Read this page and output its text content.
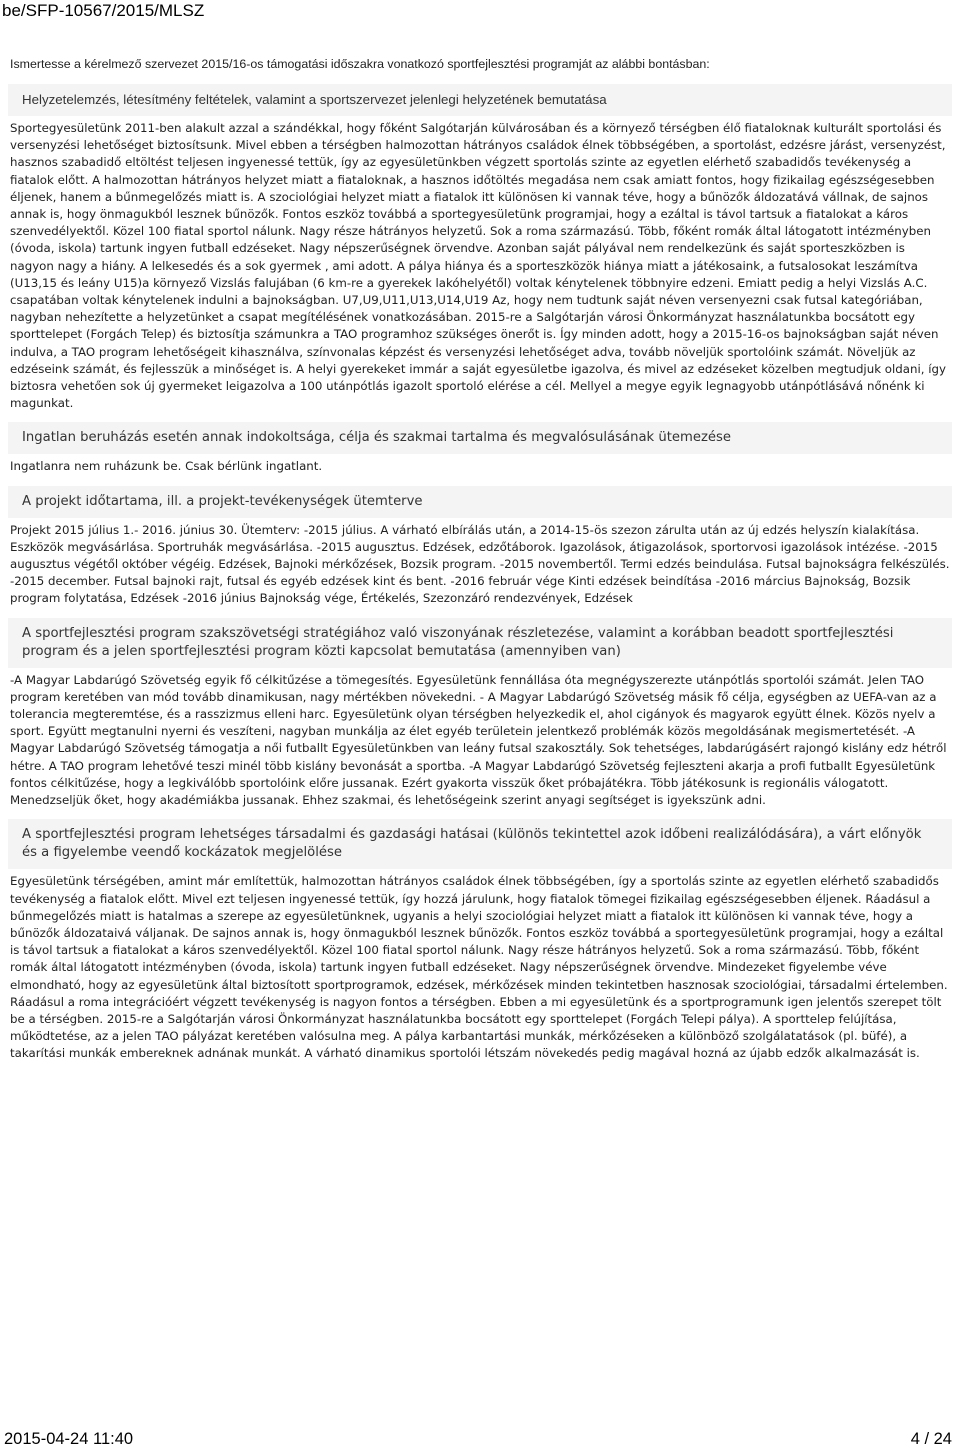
be/SFP-10567/2015/MLSZ
Ismertesse a kérelmező szervezet 2015/16-os támogatási időszakra vonatkozó sportfejlesztési programját az alábbi bontásban:
Helyzetelemzés, létesítmény feltételek, valamint a sportszervezet jelenlegi helyzetének bemutatása
Sportegyesületünk 2011-ben alakult azzal a szándékkal, hogy főként Salgótarján külvárosában és a környező térségben élő fiataloknak kulturált sportolási és versenyzési lehetőséget biztosítsunk. Mivel ebben a térségben halmozottan hátrányos családok élnek többségében, a sportolást, edzésre járást, versenyzést, hasznos szabadidő eltöltést teljesen ingyenessé tettük, így az egyesületünkben végzett sportolás szinte az egyetlen elérhető szabadidős tevékenység a fiatalok előtt. A halmozottan hátrányos helyzet miatt a fiataloknak, a hasznos időtöltés megadása nem csak amiatt fontos, hogy fizikailag egészségesebben éljenek, hanem a bűnmegelőzés miatt is. A szociológiai helyzet miatt a fiatalok itt különösen ki vannak téve, hogy a bűnözők áldozatává vállnak, de sajnos annak is, hogy önmagukból lesznek bűnözők. Fontos eszköz továbbá a sportegyesületünk programjai, hogy a ezáltal is távol tartsuk a fiatalokat a káros szenvedélyektől. Közel 100 fiatal sportol nálunk. Nagy része hátrányos helyzetű. Sok a roma származású. Több, főként romák által látogatott intézményben (óvoda, iskola) tartunk ingyen futball edzéseket. Nagy népszerűségnek örvendve. Azonban saját pályával nem rendelkezünk és saját sporteszközben is nagyon nagy a hiány. A lelkesedés és a sok gyermek , ami adott. A pálya hiánya és a sporteszközök hiánya miatt a játékosaink, a futsalosokat leszámítva (U13,15 és leány U15)a környező Vizslás falujában (6 km-re a gyerekek lakóhelyétől) voltak kénytelenek többnyire edzeni. Emiatt pedig a helyi Vizslás A.C. csapatában voltak kénytelenek indulni a bajnokságban. U7,U9,U11,U13,U14,U19 Az, hogy nem tudtunk saját néven versenyezni csak futsal kategóriában, nagyban nehezítette a helyzetünket a csapat megítélésének vonatkozásában. 2015-re a Salgótarján városi Önkormányzat használatunkba bocsátott egy sporttelepet (Forgách Telep) és biztosítja számunkra a TAO programhoz szükséges önerőt is. Így minden adott, hogy a 2015-16-os bajnokságban saját néven indulva, a TAO program lehetőségeit kihasználva, színvonalas képzést és versenyzési lehetőséget adva, tovább növeljük sportolóink számát. Növeljük az edzéseink számát, és fejlesszük a minőséget is. A helyi gyerekeket immár a saját egyesületbe igazolva, és mivel az edzéseket közelben megtudjuk oldani, így biztosra vehetően sok új gyermeket leigazolva a 100 utánpótlás igazolt sportoló elérése a cél. Mellyel a megye egyik legnagyobb utánpótlásává nőnénk ki magunkat.
Ingatlan beruházás esetén annak indokoltsága, célja és szakmai tartalma és megvalósulásának ütemezése
Ingatlanra nem ruházunk be. Csak bérlünk ingatlant.
A projekt időtartama, ill. a projekt-tevékenységek ütemterve
Projekt 2015 július 1.- 2016. június 30. Ütemterv: -2015 július. A várható elbírálás után, a 2014-15-ös szezon zárulta után az új edzés helyszín kialakítása. Eszközök megvásárlása. Sportruhák megvásárlása. -2015 augusztus. Edzések, edzőtáborok. Igazolások, átigazolások, sportorvosi igazolások intézése. -2015 augusztus végétől október végéig. Edzések, Bajnoki mérkőzések, Bozsik program. -2015 novembertől. Termi edzés beindulása. Futsal bajnokságra felkészülés. -2015 december. Futsal bajnoki rajt, futsal és egyéb edzések kint és bent. -2016 február vége Kinti edzések beindítása -2016 március Bajnokság, Bozsik program folytatása, Edzések -2016 június Bajnokság vége, Értékelés, Szezonzáró rendezvények, Edzések
A sportfejlesztési program szakszövetségi stratégiához való viszonyának részletezése, valamint a korábban beadott sportfejlesztési program és a jelen sportfejlesztési program közti kapcsolat bemutatása (amennyiben van)
-A Magyar Labdarúgó Szövetség egyik fő célkitűzése a tömegesítés. Egyesületünk fennállása óta megnégyszerezte utánpótlás sportolói számát. Jelen TAO program keretében van mód tovább dinamikusan, nagy mértékben növekedni. - A Magyar Labdarúgó Szövetség másik fő célja, egységben az UEFA-van az a tolerancia megteremtése, és a rasszizmus elleni harc. Egyesületünk olyan térségben helyezkedik el, ahol cigányok és magyarok együtt élnek. Közös nyelv a sport. Együtt megtanulni nyerni és veszíteni, nagyban munkálja az élet egyéb területein jelentkező problémák közös megoldásának megismertetését. -A Magyar Labdarúgó Szövetség támogatja a női futballt Egyesületünkben van leány futsal szakosztály. Sok tehetséges, labdarúgásért rajongó kislány edz hétről hétre. A TAO program lehetővé teszi minél több kislány bevonását a sportba. -A Magyar Labdarúgó Szövetség fejleszteni akarja a profi futballt Egyesületünk fontos célkitűzése, hogy a legkiválóbb sportolóink előre jussanak. Ezért gyakorta visszük őket próbajátékra. Több játékosunk is regionális válogatott. Menedzseljük őket, hogy akadémiákba jussanak. Ehhez szakmai, és lehetőségeink szerint anyagi segítséget is igyekszünk adni.
A sportfejlesztési program lehetséges társadalmi és gazdasági hatásai (különös tekintettel azok időbeni realizálódására), a várt előnyök és a figyelembe veendő kockázatok megjelölése
Egyesületünk térségében, amint már említettük, halmozottan hátrányos családok élnek többségében, így a sportolás szinte az egyetlen elérhető szabadidős tevékenység a fiatalok előtt. Mivel ezt teljesen ingyenessé tettük, így hozzá járulunk, hogy fiatalok tömegei fizikailag egészségesebben éljenek. Ráadásul a bűnmegelőzés miatt is hatalmas a szerepe az egyesületünknek, ugyanis a helyi szociológiai helyzet miatt a fiatalok itt különösen ki vannak téve, hogy a bűnözők áldozataivá váljanak. De sajnos annak is, hogy önmagukból lesznek bűnözők. Fontos eszköz továbbá a sportegyesületünk programjai, hogy a ezáltal is távol tartsuk a fiatalokat a káros szenvedélyektől. Közel 100 fiatal sportol nálunk. Nagy része hátrányos helyzetű. Sok a roma származású. Több, főként romák által látogatott intézményben (óvoda, iskola) tartunk ingyen futball edzéseket. Nagy népszerűségnek örvendve. Mindezeket figyelembe véve elmondható, hogy az egyesületünk által biztosított sportprogramok, edzések, mérkőzések minden tekintetben hasznosak szociológiai, társadalmi értelemben. Ráadásul a roma integrációért végzett tevékenység is nagyon fontos a térségben. Ebben a mi egyesületünk és a sportprogramunk igen jelentős szerepet tölt be a térségben. 2015-re a Salgótarján városi Önkormányzat használatunkba bocsátott egy sporttelepet (Forgách Telepi pálya). A sporttelep felújítása, működtetése, az a jelen TAO pályázat keretében valósulna meg. A pálya karbantartási munkák, mérkőzéseken a különböző szolgálatatások (pl. büfé), a takarítási munkák embereknek adnának munkát. A várható dinamikus sportolói létszám növekedés pedig magával hozná az újabb edzők alkalmazását is.
2015-04-24 11:40	4 / 24
